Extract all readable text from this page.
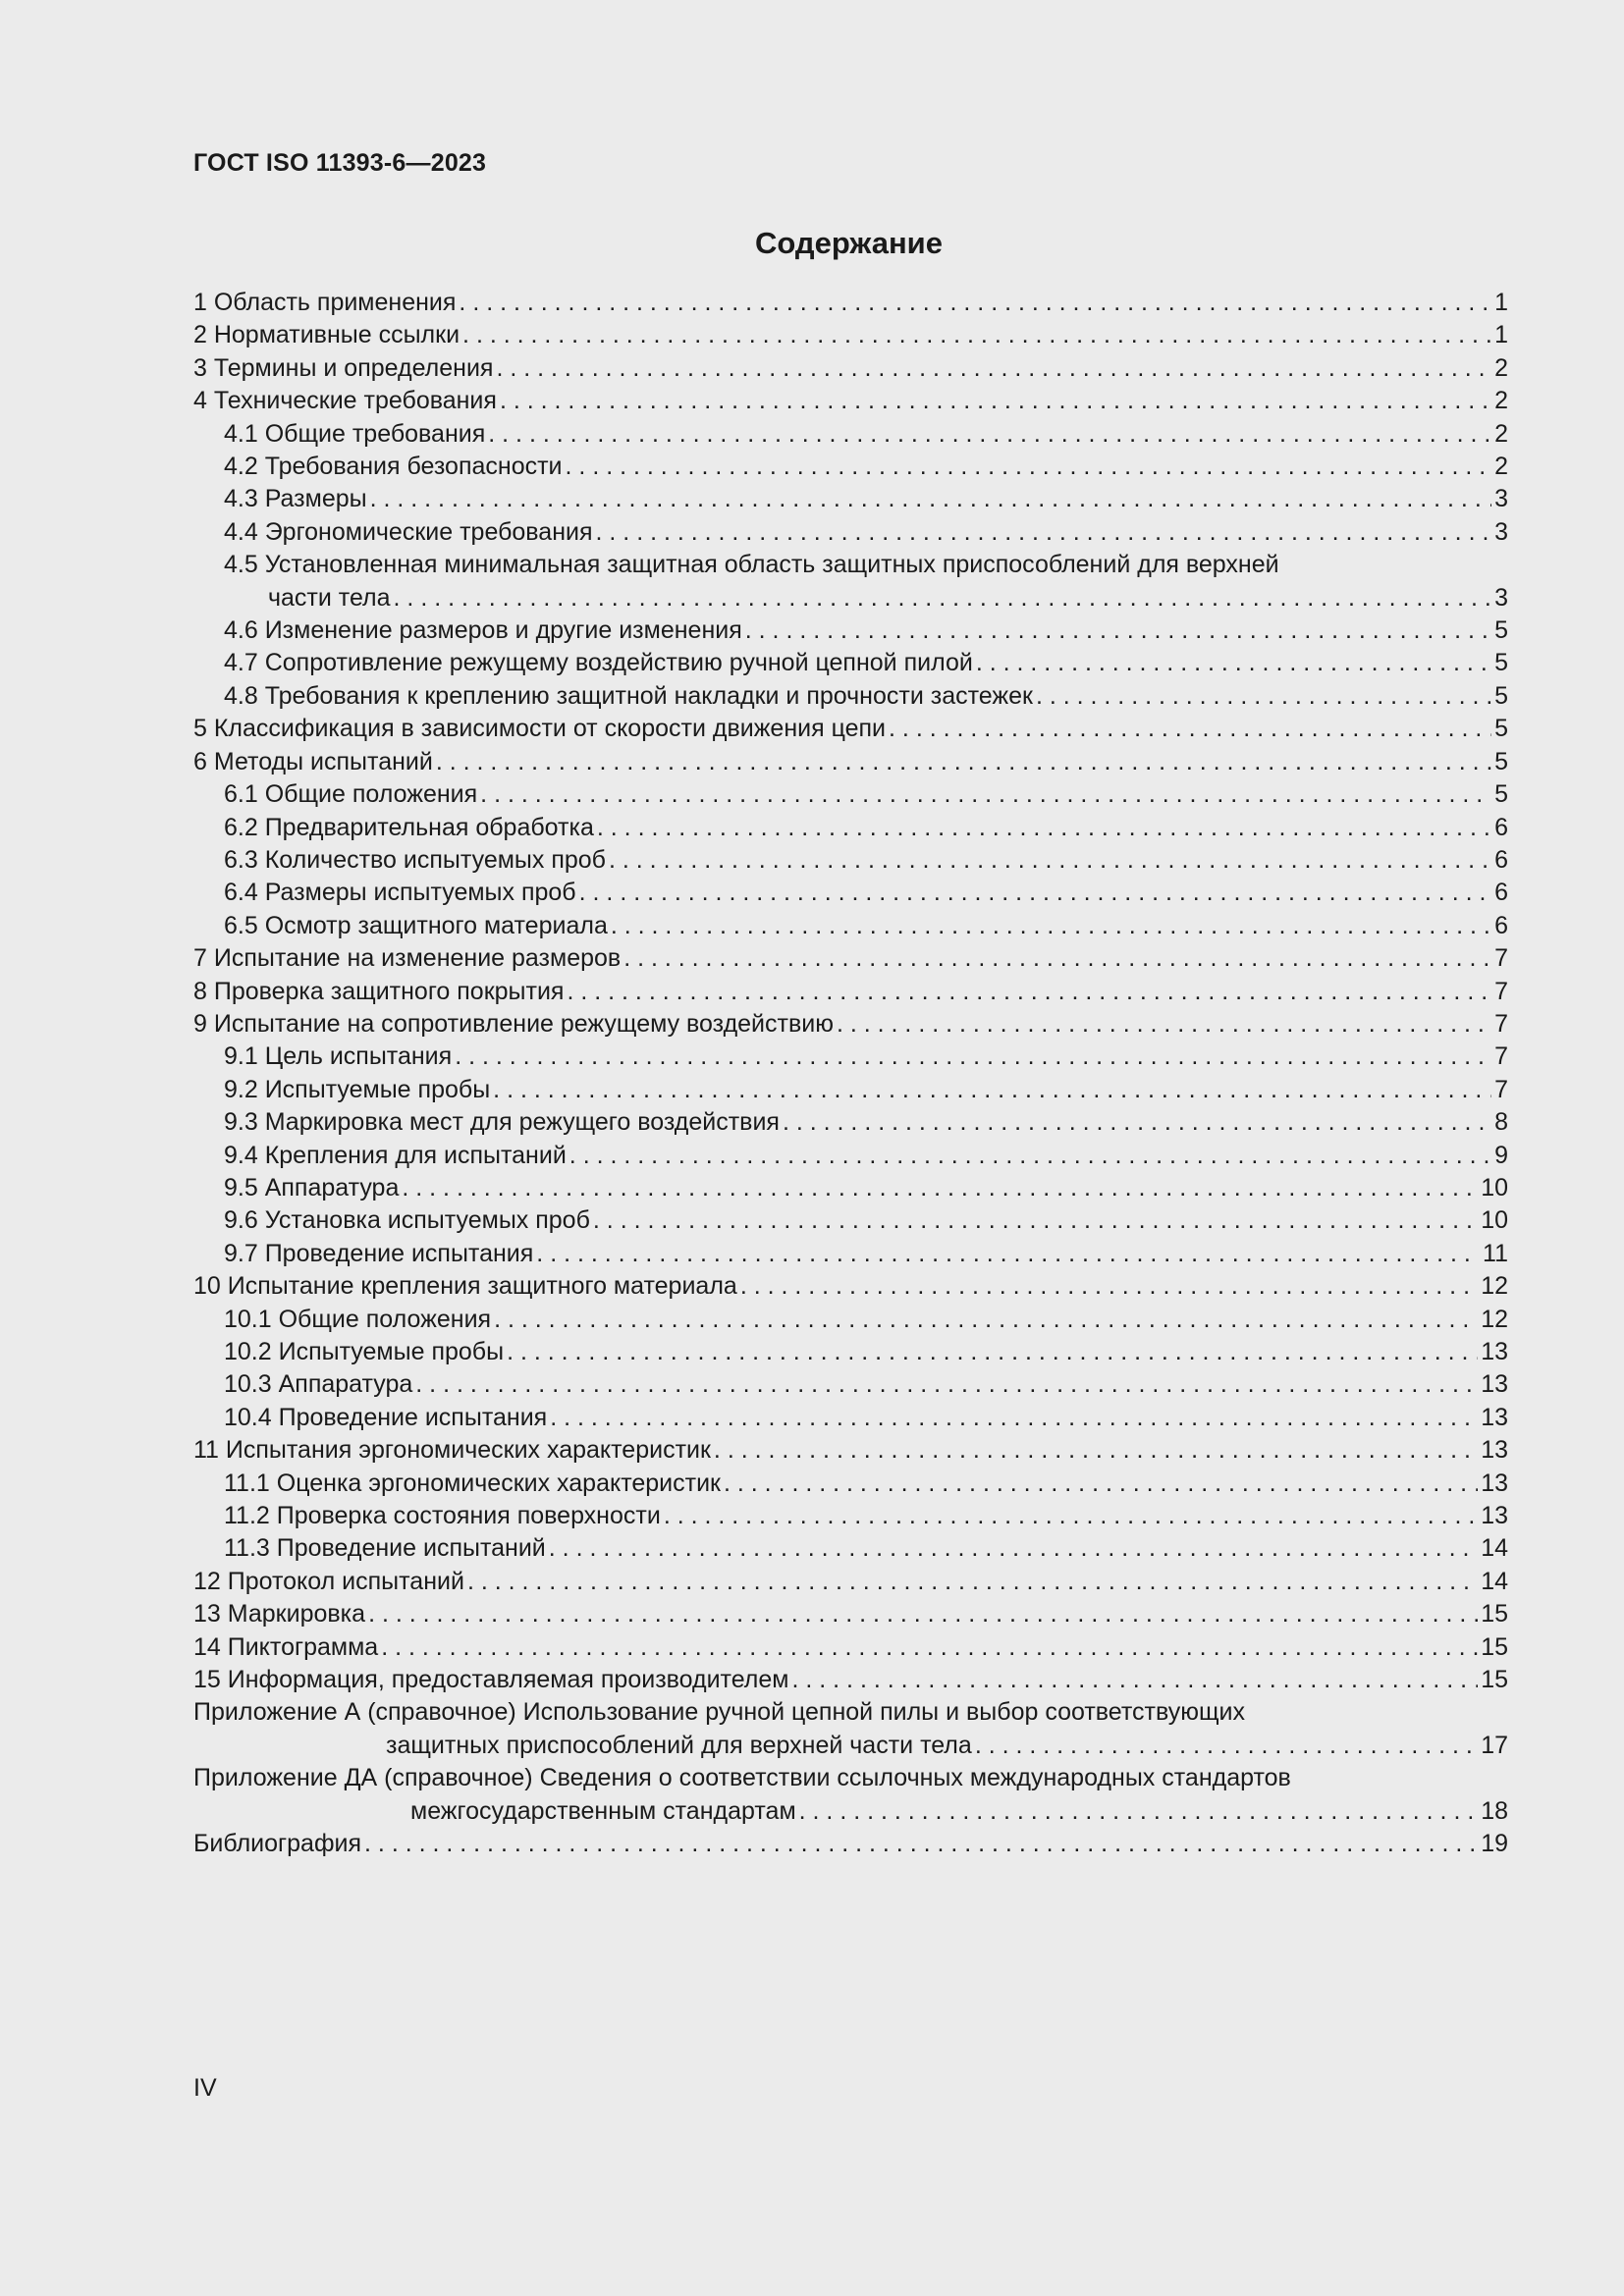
ГОСТ ISO 11393-6—2023
Содержание
1 Область применения . . .	1
2 Нормативные ссылки . . .	1
3 Термины и определения . . .	2
4 Технические требования . . .	2
4.1 Общие требования . . .	2
4.2 Требования безопасности . . .	2
4.3 Размеры . . .	3
4.4 Эргономические требования . . .	3
4.5 Установленная минимальная защитная область защитных приспособлений для верхней
части тела . . .	3
4.6 Изменение размеров и другие изменения . . .	5
4.7 Сопротивление режущему воздействию ручной цепной пилой . . .	5
4.8 Требования к креплению защитной накладки и прочности застежек . . .	5
5 Классификация в зависимости от скорости движения цепи . . .	5
6 Методы испытаний . . .	5
6.1 Общие положения . . .	5
6.2 Предварительная обработка . . .	6
6.3 Количество испытуемых проб . . .	6
6.4 Размеры испытуемых проб . . .	6
6.5 Осмотр защитного материала . . .	6
7 Испытание на изменение размеров . . .	7
8 Проверка защитного покрытия . . .	7
9 Испытание на сопротивление режущему воздействию . . .	7
9.1 Цель испытания . . .	7
9.2 Испытуемые пробы . . .	7
9.3 Маркировка мест для режущего воздействия . . .	8
9.4 Крепления для испытаний . . .	9
9.5 Аппаратура . . .	10
9.6 Установка испытуемых проб . . .	10
9.7 Проведение испытания . . .	11
10 Испытание крепления защитного материала . . .	12
10.1 Общие положения . . .	12
10.2 Испытуемые пробы . . .	13
10.3 Аппаратура . . .	13
10.4 Проведение испытания . . .	13
11 Испытания эргономических характеристик . . .	13
11.1 Оценка эргономических характеристик . . .	13
11.2 Проверка состояния поверхности . . .	13
11.3 Проведение испытаний . . .	14
12 Протокол испытаний . . .	14
13 Маркировка . . .	15
14 Пиктограмма . . .	15
15 Информация, предоставляемая производителем . . .	15
Приложение А (справочное) Использование ручной цепной пилы и выбор соответствующих
защитных приспособлений для верхней части тела . . .	17
Приложение ДА (справочное) Сведения о соответствии ссылочных международных стандартов
межгосударственным стандартам . . .	18
Библиография . . .	19
IV
